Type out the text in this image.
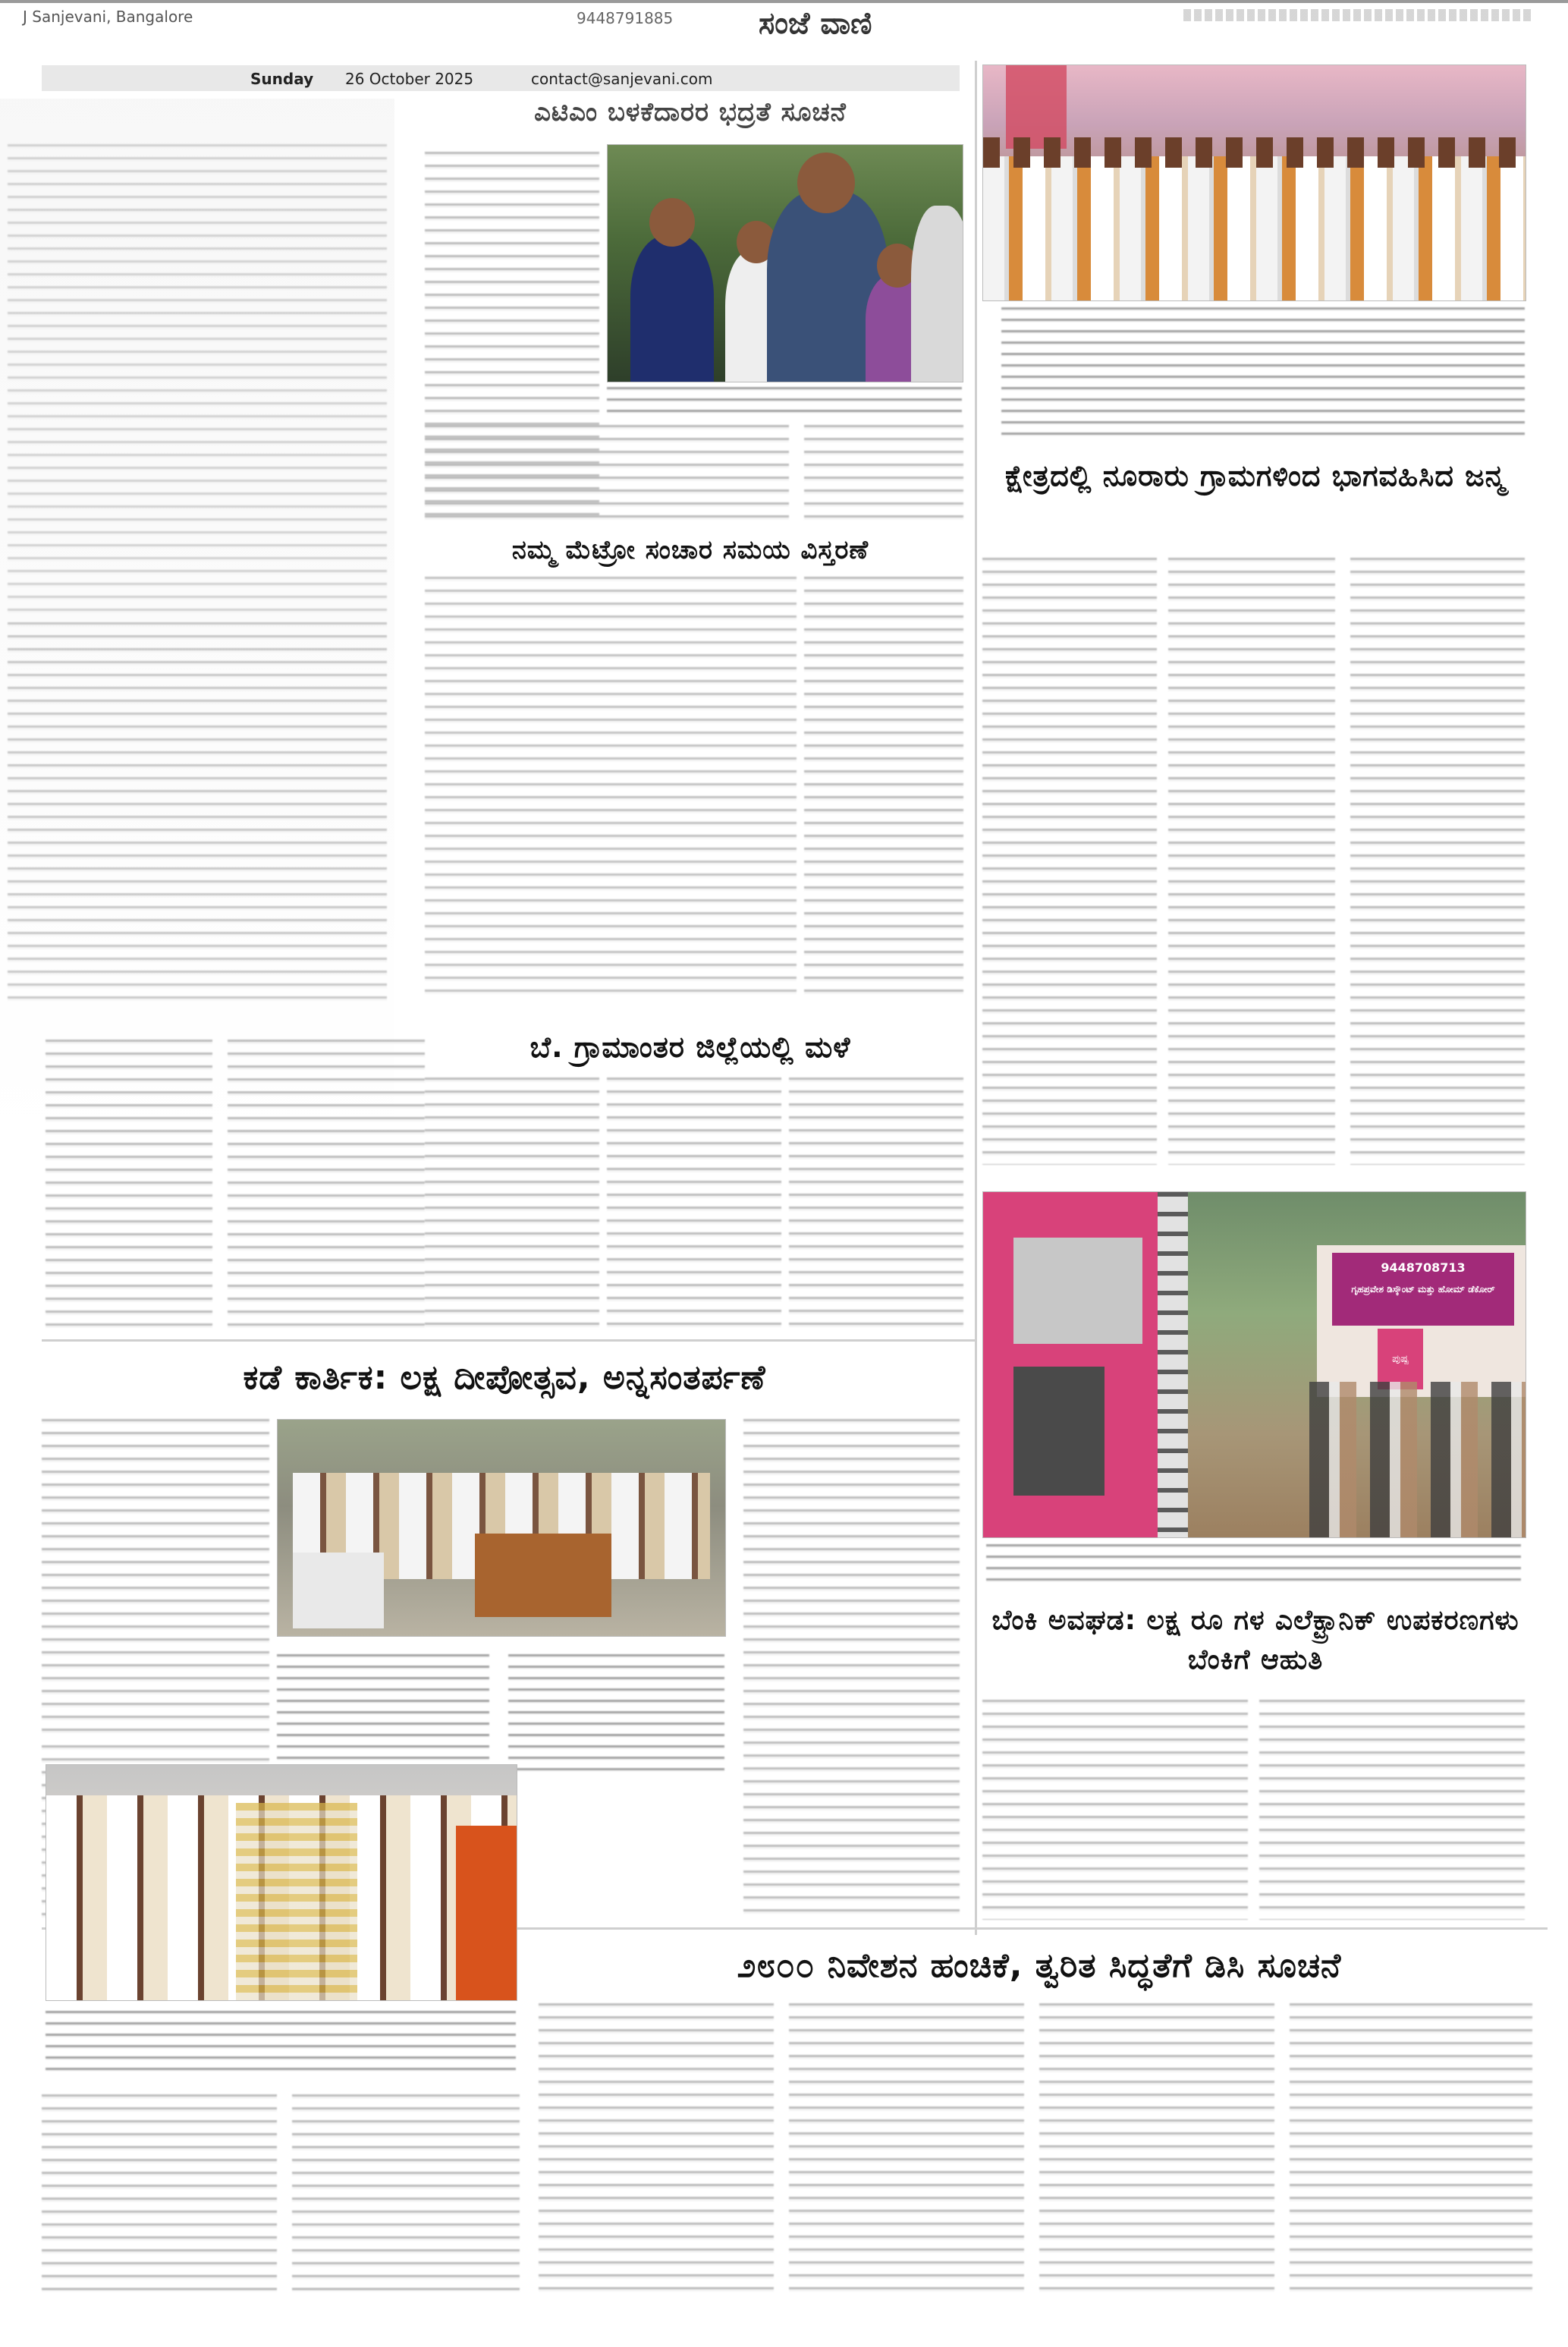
J Sanjevani, Bangalore	9448791885	ಸಂಜೆ ವಾಣಿ
Sunday 26 October 2025	contact@sanjevani.com
ಎಟಿಎಂ ಬಳಕೆದಾರರ ಭದ್ರತೆ ಸೂಚನೆ
ನಮ್ಮ ಮೆಟ್ರೋ ಸಂಚಾರ ಸಮಯ ವಿಸ್ತರಣೆ
ಬೆ. ಗ್ರಾಮಾಂತರ ಜಿಲ್ಲೆಯಲ್ಲಿ ಮಳೆ
ಕ್ಷೇತ್ರದಲ್ಲಿ ನೂರಾರು ಗ್ರಾಮಗಳಿಂದ ಭಾಗವಹಿಸಿದ ಜನ್ಮ
9448708713
ಗೃಹಪ್ರವೇಶ ಡಿಸ್ಕೌಂಟ್ ಮತ್ತು ಹೋಮ್ ಡೆಕೋರ್
ಪುಷ್ಪ
ಬೆಂಕಿ ಅವಘಡ: ಲಕ್ಷ ರೂ ಗಳ ಎಲೆಕ್ಟ್ರಾನಿಕ್ ಉಪಕರಣಗಳು ಬೆಂಕಿಗೆ ಆಹುತಿ
ಕಡೆ ಕಾರ್ತಿಕ: ಲಕ್ಷ ದೀಪೋತ್ಸವ, ಅನ್ನಸಂತರ್ಪಣೆ
೨೮೦೦ ನಿವೇಶನ ಹಂಚಿಕೆ, ತ್ವರಿತ ಸಿದ್ಧತೆಗೆ ಡಿಸಿ ಸೂಚನೆ
